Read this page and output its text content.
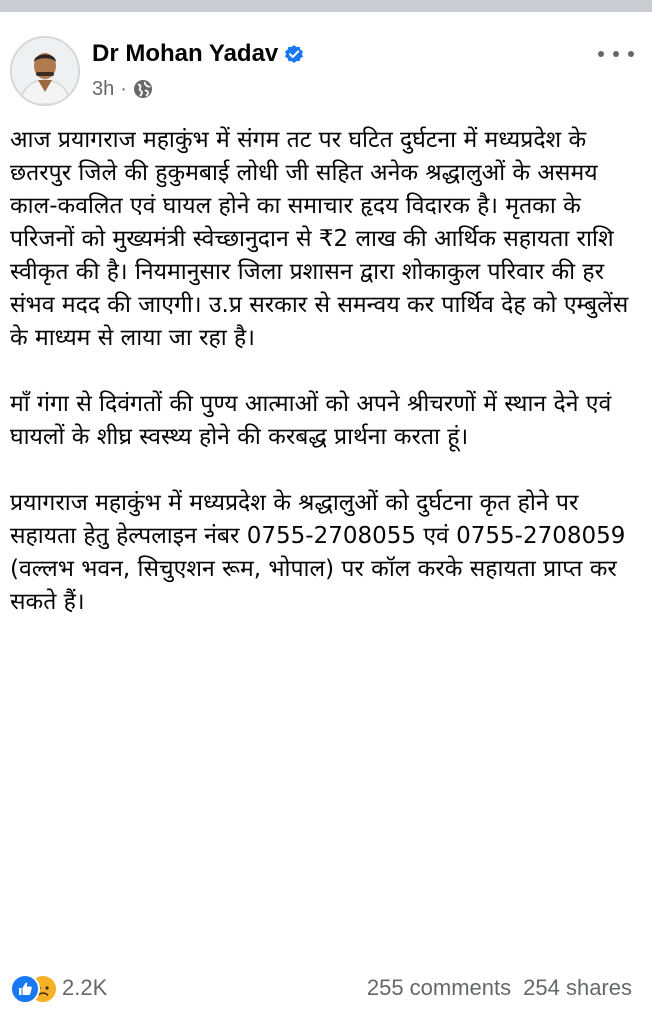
Dr Mohan Yadav
3h ·

आज प्रयागराज महाकुंभ में संगम तट पर घटित दुर्घटना में मध्यप्रदेश के छतरपुर जिले की हुकुमबाई लोधी जी सहित अनेक श्रद्धालुओं के असमय काल-कवलित एवं घायल होने का समाचार हृदय विदारक है। मृतका के परिजनों को मुख्यमंत्री स्वेच्छानुदान से ₹2 लाख की आर्थिक सहायता राशि स्वीकृत की है। नियमानुसार जिला प्रशासन द्वारा शोकाकुल परिवार की हर संभव मदद की जाएगी। उ.प्र सरकार से समन्वय कर पार्थिव देह को एम्बुलेंस के माध्यम से लाया जा रहा है।

माँ गंगा से दिवंगतों की पुण्य आत्माओं को अपने श्रीचरणों में स्थान देने एवं घायलों के शीघ्र स्वस्थ्य होने की करबद्ध प्रार्थना करता हूं।

प्रयागराज महाकुंभ में मध्यप्रदेश के श्रद्धालुओं को दुर्घटना कृत होने पर सहायता हेतु हेल्पलाइन नंबर 0755-2708055 एवं 0755-2708059 (वल्लभ भवन, सिचुएशन रूम, भोपाल) पर कॉल करके सहायता प्राप्त कर सकते हैं।

2.2K	255 comments 254 shares
